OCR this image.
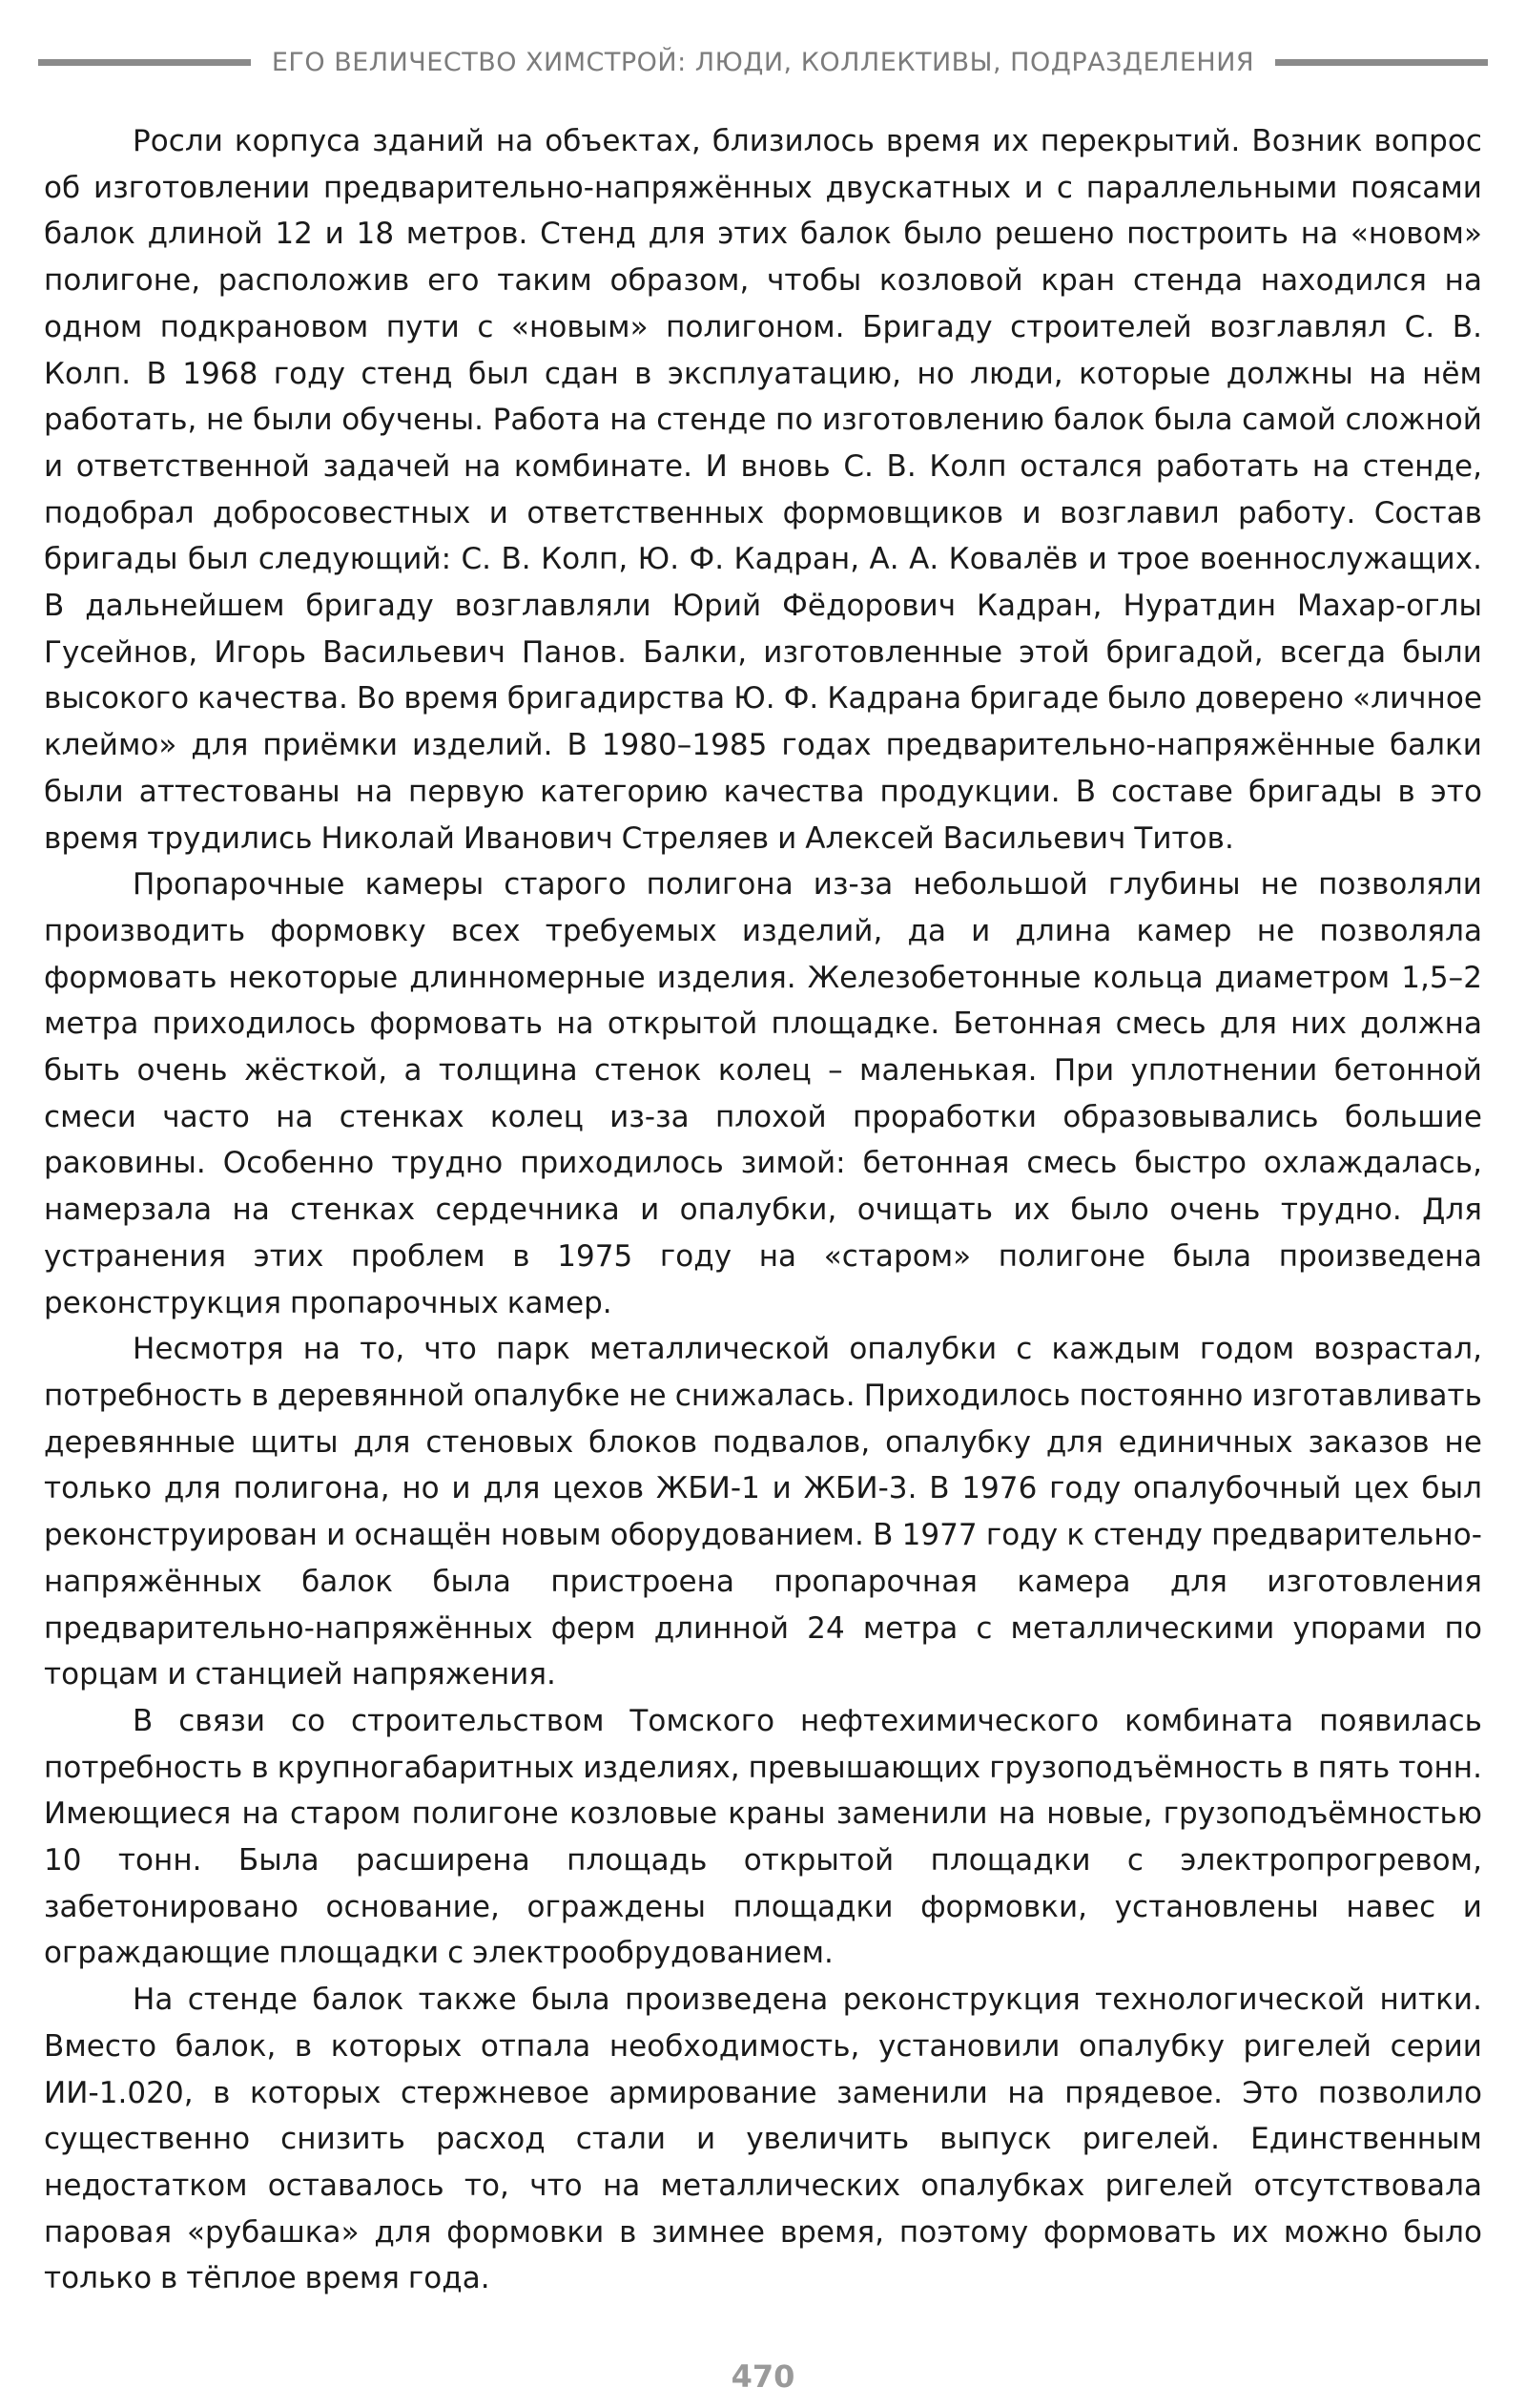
ЕГО ВЕЛИЧЕСТВО ХИМСТРОЙ: ЛЮДИ, КОЛЛЕКТИВЫ, ПОДРАЗДЕЛЕНИЯ

Росли корпуса зданий на объектах, близилось время их перекрытий. Возник вопрос об изготовлении предварительно-напряжённых двускатных и с параллельными поясами балок длиной 12 и 18 метров. Стенд для этих балок было решено построить на «новом» полигоне, расположив его таким образом, чтобы козловой кран стенда находился на одном подкрановом пути с «новым» полигоном. Бригаду строителей возглавлял С. В. Колп. В 1968 году стенд был сдан в эксплуатацию, но люди, которые должны на нём работать, не были обучены. Работа на стенде по изготовлению балок была самой сложной и ответственной задачей на комбинате. И вновь С. В. Колп остался работать на стенде, подобрал добросовестных и ответственных формовщиков и возглавил работу. Состав бригады был следующий: С. В. Колп, Ю. Ф. Кадран, А. А. Ковалёв и трое военнослужащих. В дальнейшем бригаду возглавляли Юрий Фёдорович Кадран, Нуратдин Махар-оглы Гусейнов, Игорь Васильевич Панов. Балки, изготовленные этой бригадой, всегда были высокого качества. Во время бригадирства Ю. Ф. Кадрана бригаде было доверено «личное клеймо» для приёмки изделий. В 1980–1985 годах предварительно-напряжённые балки были аттестованы на первую категорию качества продукции. В составе бригады в это время трудились Николай Иванович Стреляев и Алексей Васильевич Титов.

Пропарочные камеры старого полигона из-за небольшой глубины не позволяли производить формовку всех требуемых изделий, да и длина камер не позволяла формовать некоторые длинномерные изделия. Железобетонные кольца диаметром 1,5–2 метра приходилось формовать на открытой площадке. Бетонная смесь для них должна быть очень жёсткой, а толщина стенок колец – маленькая. При уплотнении бетонной смеси часто на стенках колец из-за плохой проработки образовывались большие раковины. Особенно трудно приходилось зимой: бетонная смесь быстро охлаждалась, намерзала на стенках сердечника и опалубки, очищать их было очень трудно. Для устранения этих проблем в 1975 году на «старом» полигоне была произведена реконструкция пропарочных камер.

Несмотря на то, что парк металлической опалубки с каждым годом возрастал, потребность в деревянной опалубке не снижалась. Приходилось постоянно изготавливать деревянные щиты для стеновых блоков подвалов, опалубку для единичных заказов не только для полигона, но и для цехов ЖБИ-1 и ЖБИ-3. В 1976 году опалубочный цех был реконструирован и оснащён новым оборудованием. В 1977 году к стенду предварительно-напряжённых балок была пристроена пропарочная камера для изготовления предварительно-напряжённых ферм длинной 24 метра с металлическими упорами по торцам и станцией напряжения.

В связи со строительством Томского нефтехимического комбината появилась потребность в крупногабаритных изделиях, превышающих грузоподъёмность в пять тонн. Имеющиеся на старом полигоне козловые краны заменили на новые, грузоподъёмностью 10 тонн. Была расширена площадь открытой площадки с электропрогревом, забетонировано основание, ограждены площадки формовки, установлены навес и ограждающие площадки с электрообрудованием.

На стенде балок также была произведена реконструкция технологической нитки. Вместо балок, в которых отпала необходимость, установили опалубку ригелей серии ИИ-1.020, в которых стержневое армирование заменили на прядевое. Это позволило существенно снизить расход стали и увеличить выпуск ригелей. Единственным недостатком оставалось то, что на металлических опалубках ригелей отсутствовала паровая «рубашка» для формовки в зимнее время, поэтому формовать их можно было только в тёплое время года.

470
